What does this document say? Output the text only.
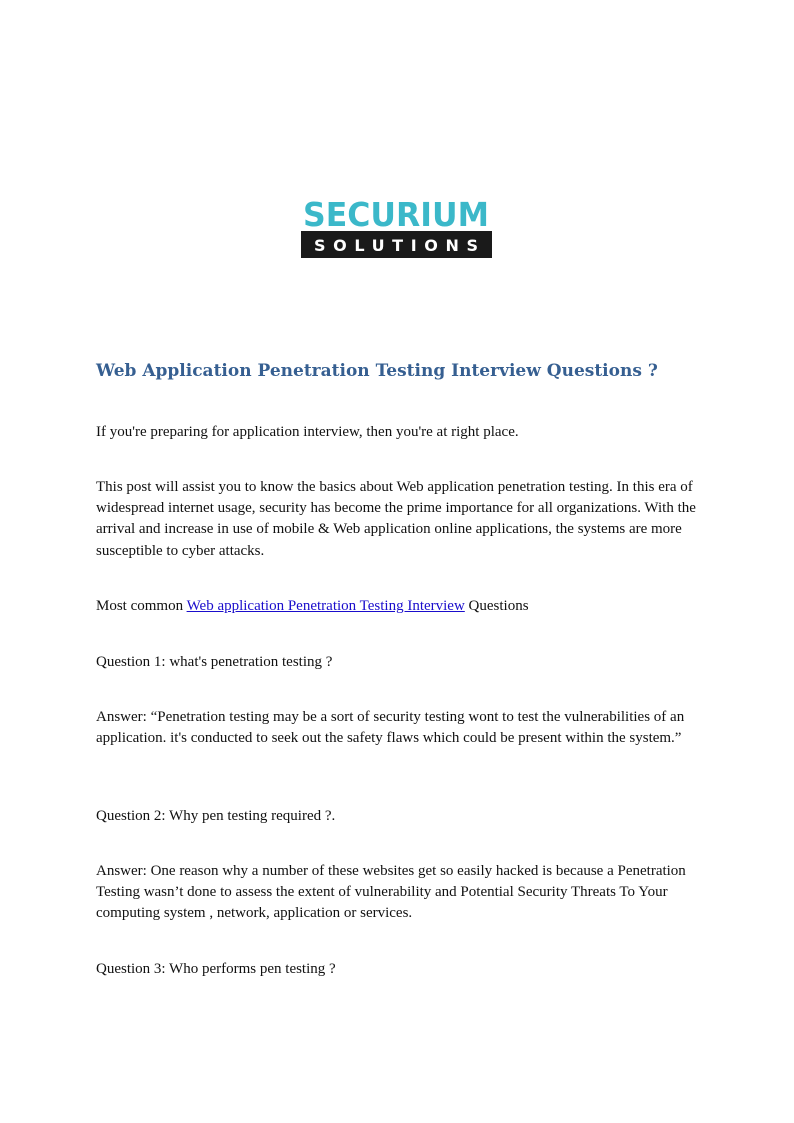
SECURIUM
SOLUTIONS
Web Application Penetration Testing Interview Questions ?

If you're preparing for application interview, then you're at right place.

This post will assist you to know the basics about Web application penetration testing. In this era of widespread internet usage, security has become the prime importance for all organizations. With the arrival and increase in use of mobile & Web application online applications, the systems are more susceptible to cyber attacks.

Most common Web application Penetration Testing Interview Questions

Question 1: what's penetration testing ?

Answer: “Penetration testing may be a sort of security testing wont to test the vulnerabilities of an application. it's conducted to seek out the safety flaws which could be present within the system.”

Question 2: Why pen testing required ?.

Answer: One reason why a number of these websites get so easily hacked is because a Penetration Testing wasn’t done to assess the extent of vulnerability and Potential Security Threats To Your computing system , network, application or services.

Question 3: Who performs pen testing ?
